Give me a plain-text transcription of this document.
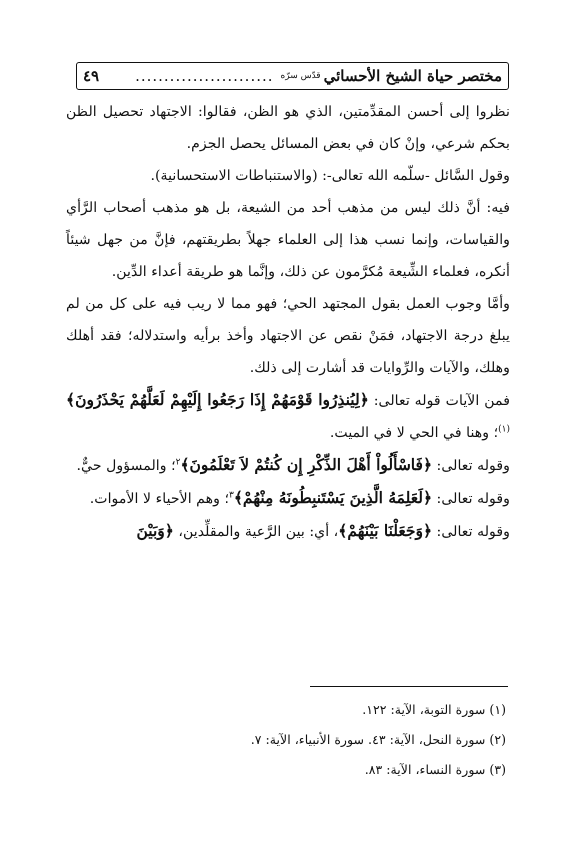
مختصر حياة الشيخ الأحسائي
قدّس سرّه
........................
٤٩

نظروا إلى أحسن المقدِّمتين، الذي هو الظن، فقالوا: الاجتهاد تحصيل الظن بحكم شرعي، وإنْ كان في بعض المسائل يحصل الجزم.

وقول السَّائل -سلّمه الله تعالى-: (والاستنباطات الاستحسانية).

فيه: أنَّ ذلك ليس من مذهب أحد من الشيعة، بل هو مذهب أصحاب الرَّأي والقياسات، وإنما نسب هذا إلى العلماء جهلاً بطريقتهم، فإنَّ من جهل شيئاً أنكره، فعلماء الشِّيعة مُكرَّمون عن ذلك، وإنَّما هو طريقة أعداء الدِّين.

وأمَّا وجوب العمل بقول المجتهد الحي؛ فهو مما لا ريب فيه على كل من لم يبلغ درجة الاجتهاد، فمَنْ نقص عن الاجتهاد وأخذ برأيه واستدلاله؛ فقد أهلك وهلك، والآيات والرِّوايات قد أشارت إلى ذلك.

فمن الآيات قوله تعالى: ﴿لِيُنذِرُوا قَوْمَهُمْ إِذَا رَجَعُوا إِلَيْهِمْ لَعَلَّهُمْ يَحْذَرُونَ﴾$^{(١)}$؛ وهنا في الحي لا في الميت.

وقوله تعالى: ﴿فَاسْأَلُواْ أَهْلَ الذِّكْرِ إِن كُنتُمْ لاَ تَعْلَمُونَ﴾$^٢$؛ والمسؤول حيٌّ.

وقوله تعالى: ﴿لَعَلِمَهُ الَّذِينَ يَسْتَنبِطُونَهُ مِنْهُمْ﴾$^٣$؛ وهم الأحياء لا الأموات.

وقوله تعالى: ﴿وَجَعَلْنَا بَيْنَهُمْ﴾، أي: بين الرَّعية والمقلِّدين، ﴿وَبَيْنَ

(١) سورة التوبة، الآية: ١٢٢.

(٢) سورة النحل، الآية: ٤٣. سورة الأنبياء، الآية: ٧.

(٣) سورة النساء، الآية: ٨٣.
